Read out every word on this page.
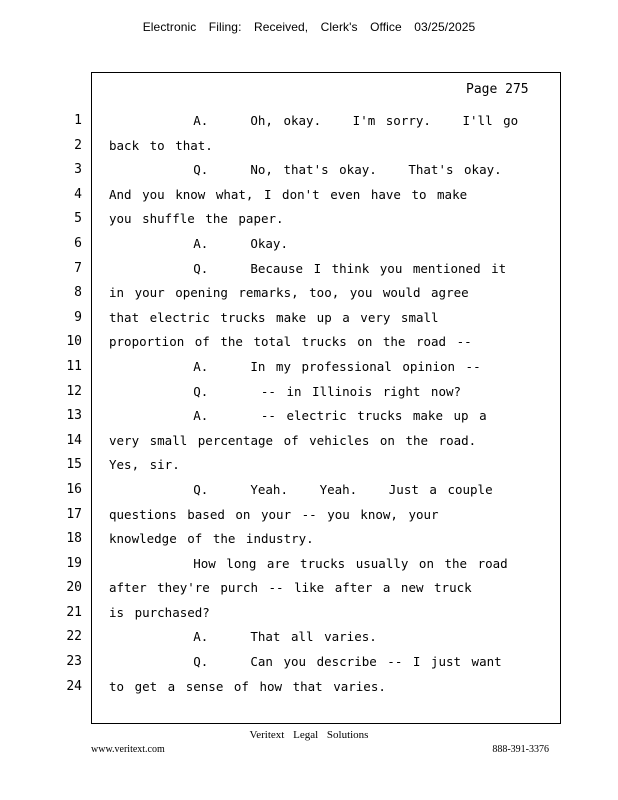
Electronic Filing: Received, Clerk's Office 03/25/2025
Page 275
1
2
3
4
5
6
7
8
9
10
11
12
13
14
15
16
17
18
19
20
21
22
23
24
A.    Oh, okay.   I'm sorry.   I'll go
back to that.
Q.    No, that's okay.   That's okay.
And you know what, I don't even have to make
you shuffle the paper.
A.    Okay.
Q.    Because I think you mentioned it
in your opening remarks, too, you would agree
that electric trucks make up a very small
proportion of the total trucks on the road --
A.    In my professional opinion --
Q.     -- in Illinois right now?
A.     -- electric trucks make up a
very small percentage of vehicles on the road.
Yes, sir.
Q.    Yeah.   Yeah.   Just a couple
questions based on your -- you know, your
knowledge of the industry.
How long are trucks usually on the road
after they're purch -- like after a new truck
is purchased?
A.    That all varies.
Q.    Can you describe -- I just want
to get a sense of how that varies.
Veritext Legal Solutions
www.veritext.com	888-391-3376
